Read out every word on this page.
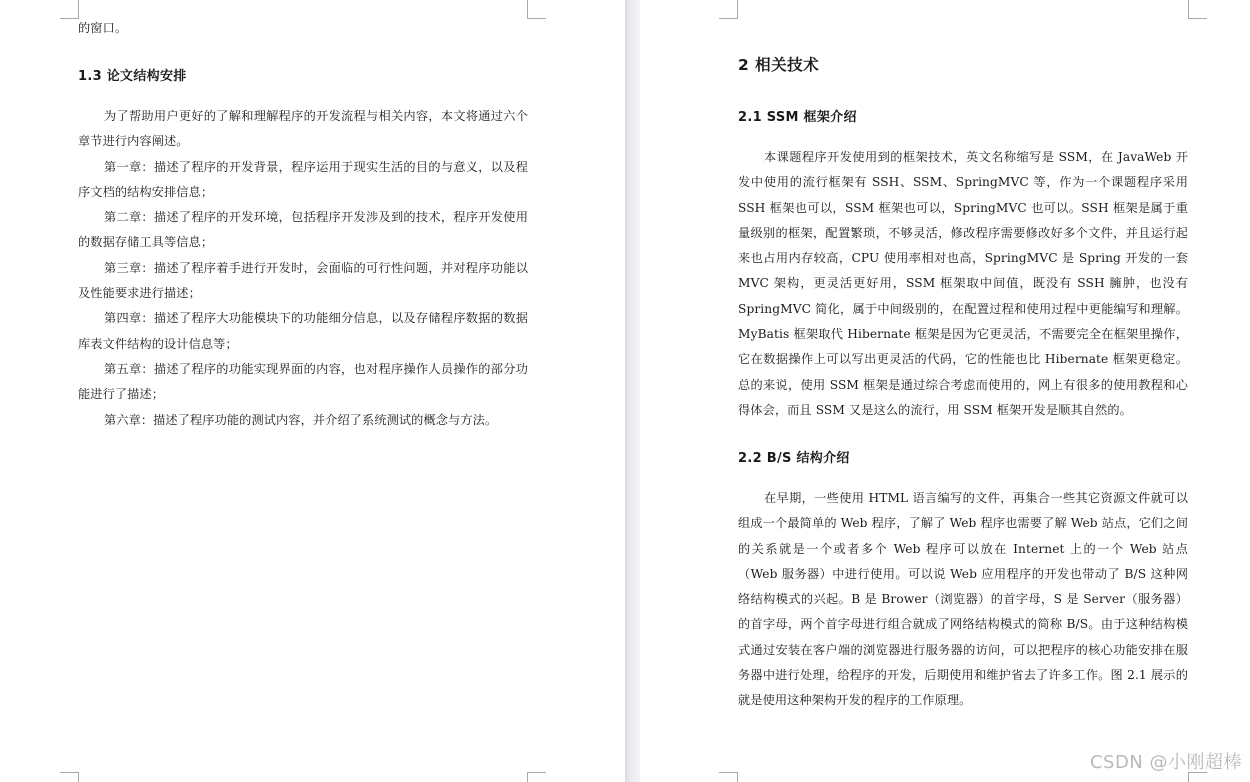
的窗口。

1.3 论文结构安排

为了帮助用户更好的了解和理解程序的开发流程与相关内容，本文将通过六个章节进行内容阐述。

第一章：描述了程序的开发背景，程序运用于现实生活的目的与意义，以及程序文档的结构安排信息；

第二章：描述了程序的开发环境，包括程序开发涉及到的技术，程序开发使用的数据存储工具等信息；

第三章：描述了程序着手进行开发时，会面临的可行性问题，并对程序功能以及性能要求进行描述；

第四章：描述了程序大功能模块下的功能细分信息，以及存储程序数据的数据库表文件结构的设计信息等；

第五章：描述了程序的功能实现界面的内容，也对程序操作人员操作的部分功能进行了描述；

第六章：描述了程序功能的测试内容，并介绍了系统测试的概念与方法。

2 相关技术
2.1 SSM 框架介绍

本课题程序开发使用到的框架技术，英文名称缩写是 SSM，在 JavaWeb 开发中使用的流行框架有 SSH、SSM、SpringMVC 等，作为一个课题程序采用 SSH 框架也可以，SSM 框架也可以，SpringMVC 也可以。SSH 框架是属于重量级别的框架，配置繁琐，不够灵活，修改程序需要修改好多个文件，并且运行起来也占用内存较高，CPU 使用率相对也高，SpringMVC 是 Spring 开发的一套 MVC 架构，更灵活更好用，SSM 框架取中间值，既没有 SSH 臃肿，也没有 SpringMVC 简化，属于中间级别的，在配置过程和使用过程中更能编写和理解。MyBatis 框架取代 Hibernate 框架是因为它更灵活，不需要完全在框架里操作，它在数据操作上可以写出更灵活的代码，它的性能也比 Hibernate 框架更稳定。总的来说，使用 SSM 框架是通过综合考虑而使用的，网上有很多的使用教程和心得体会，而且 SSM 又是这么的流行，用 SSM 框架开发是顺其自然的。

2.2 B/S 结构介绍

在早期，一些使用 HTML 语言编写的文件，再集合一些其它资源文件就可以组成一个最简单的 Web 程序，了解了 Web 程序也需要了解 Web 站点，它们之间的关系就是一个或者多个 Web 程序可以放在 Internet 上的一个 Web 站点（Web 服务器）中进行使用。可以说 Web 应用程序的开发也带动了 B/S 这种网络结构模式的兴起。B 是 Brower（浏览器）的首字母，S 是 Server（服务器）的首字母，两个首字母进行组合就成了网络结构模式的简称 B/S。由于这种结构模式通过安装在客户端的浏览器进行服务器的访问，可以把程序的核心功能安排在服务器中进行处理，给程序的开发，后期使用和维护省去了许多工作。图 2.1 展示的就是使用这种架构开发的程序的工作原理。

CSDN @小刚超棒
